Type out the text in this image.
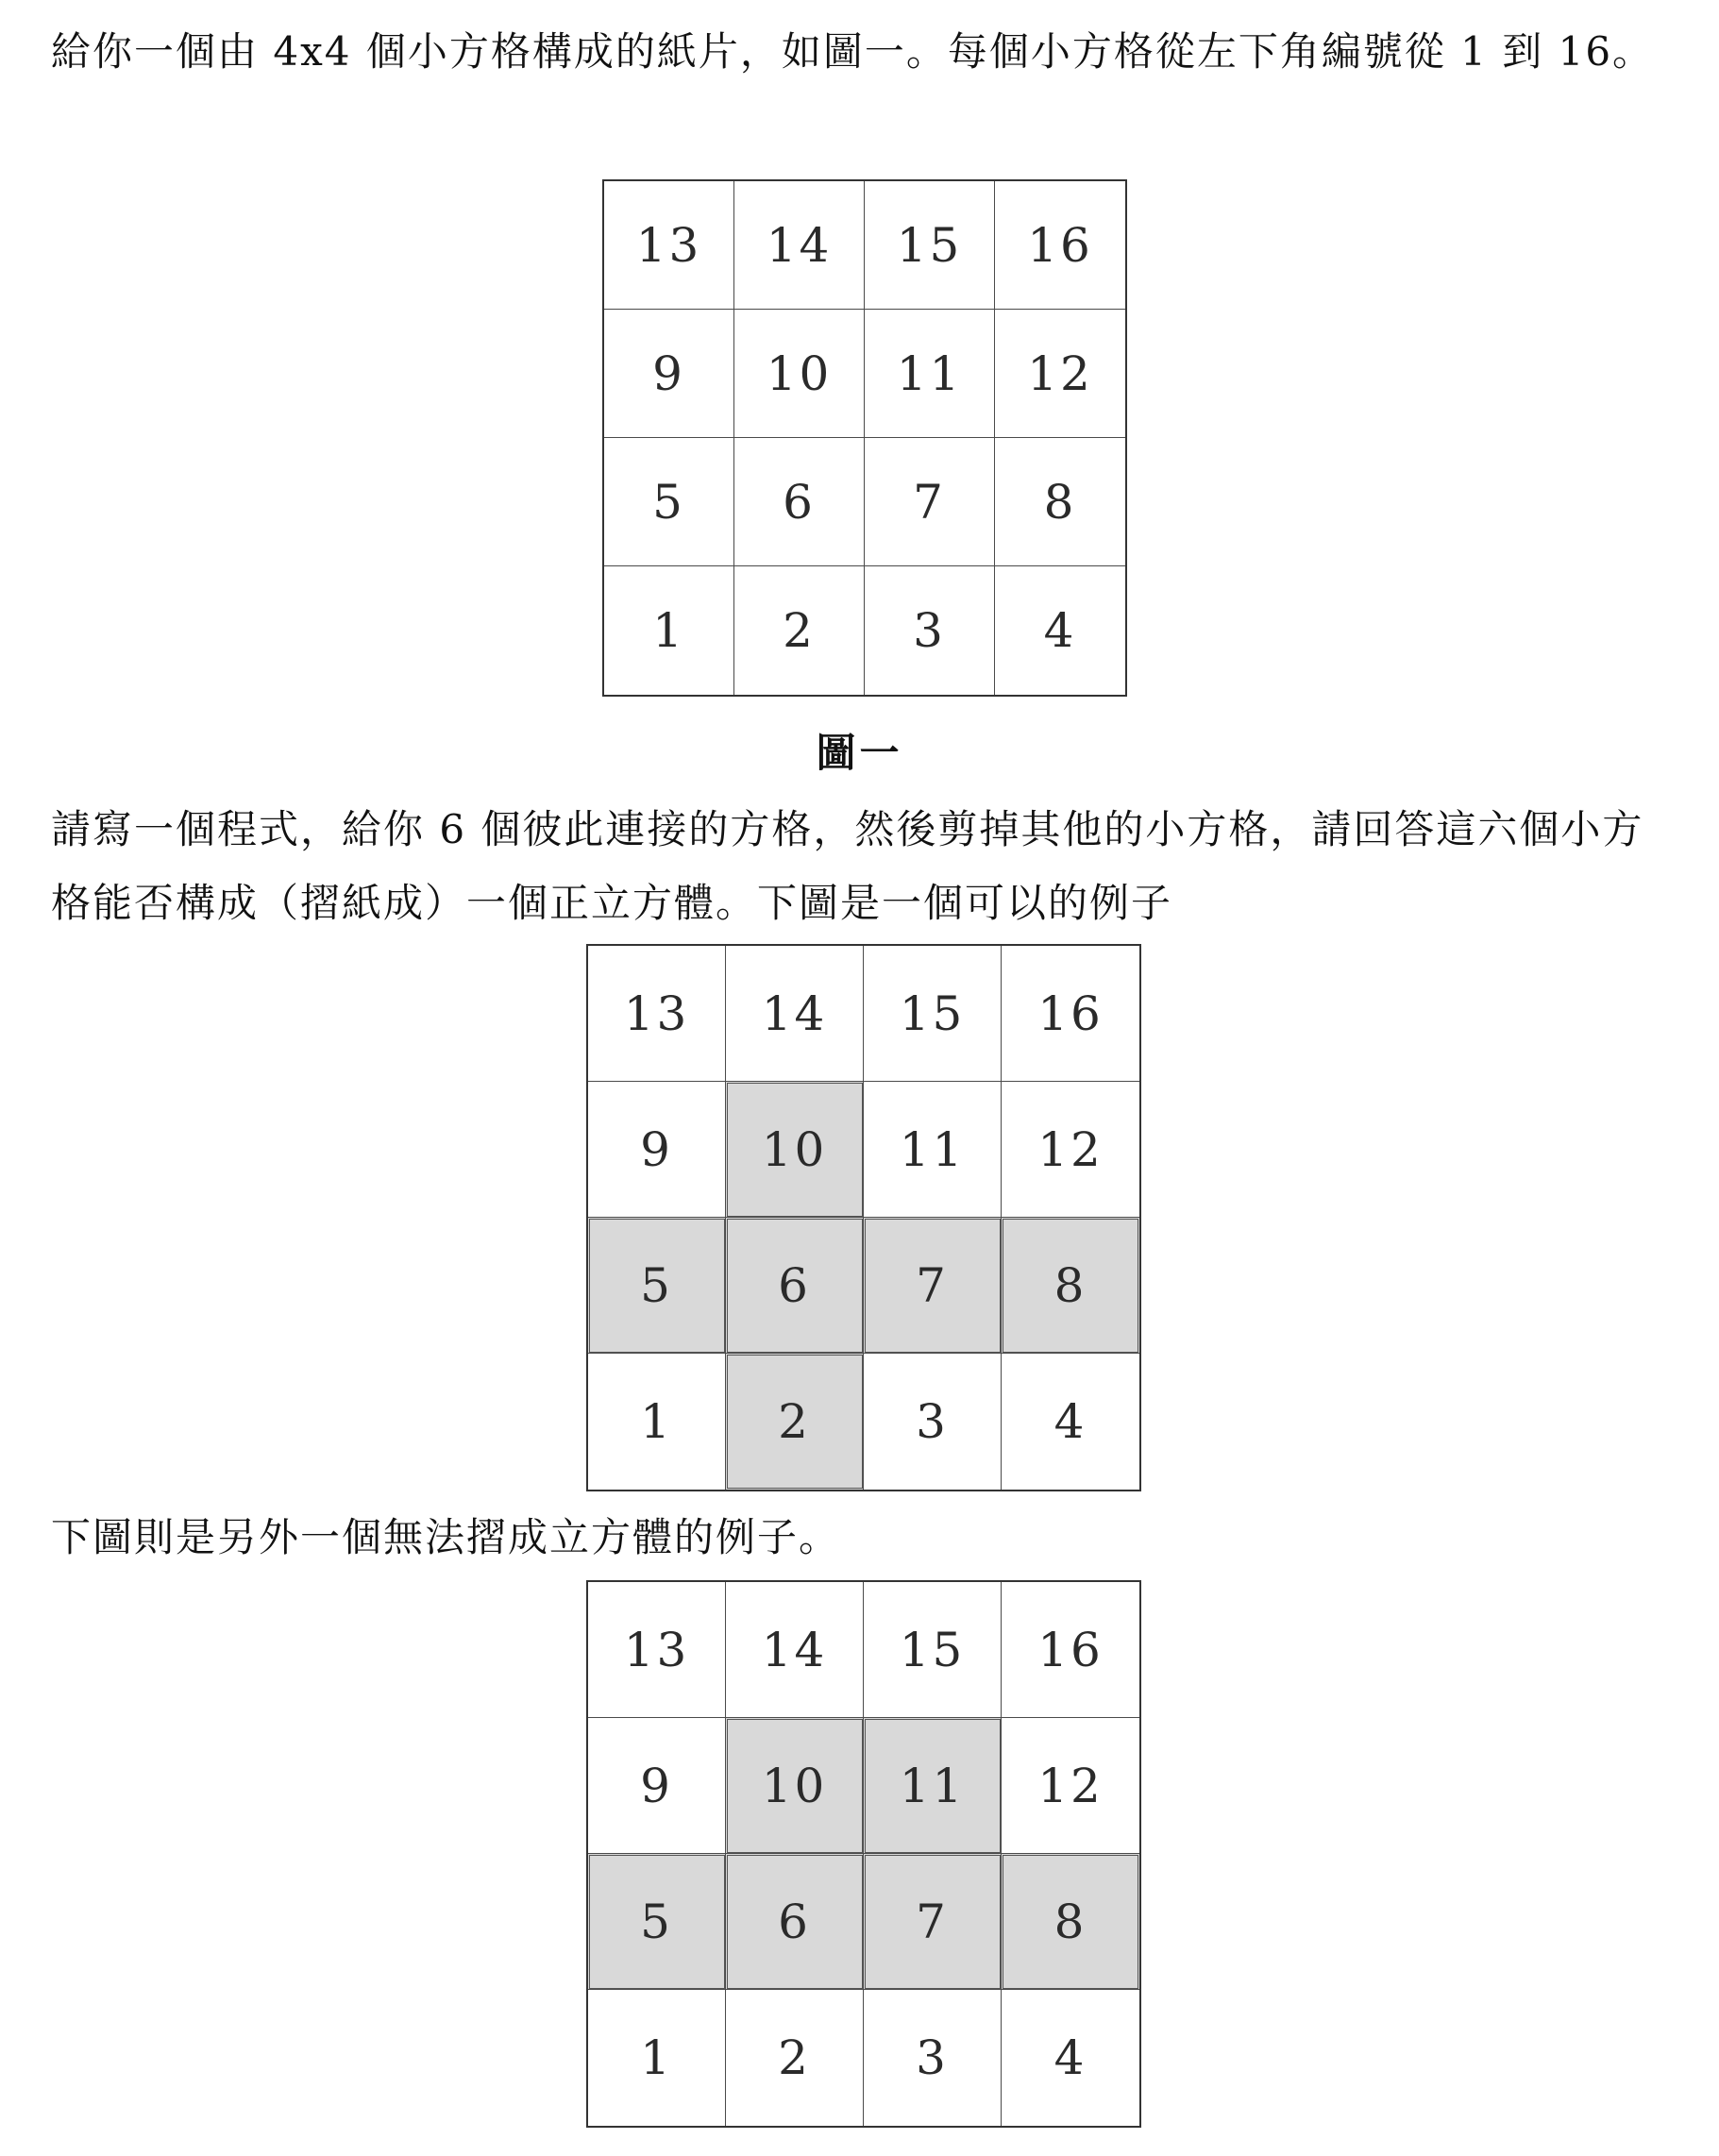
給你一個由 4x4 個小方格構成的紙片，如圖一。每個小方格從左下角編號從 1 到 16。

13	14	15	16
9	10	11	12
5	6	7	8
1	2	3	4
圖一

請寫一個程式，給你 6 個彼此連接的方格，然後剪掉其他的小方格，請回答這六個小方格能否構成（摺紙成）一個正立方體。下圖是一個可以的例子

13	14	15	16
9	10	11	12
5	6	7	8
1	2	3	4

下圖則是另外一個無法摺成立方體的例子。

13	14	15	16
9	10	11	12
5	6	7	8
1	2	3	4
